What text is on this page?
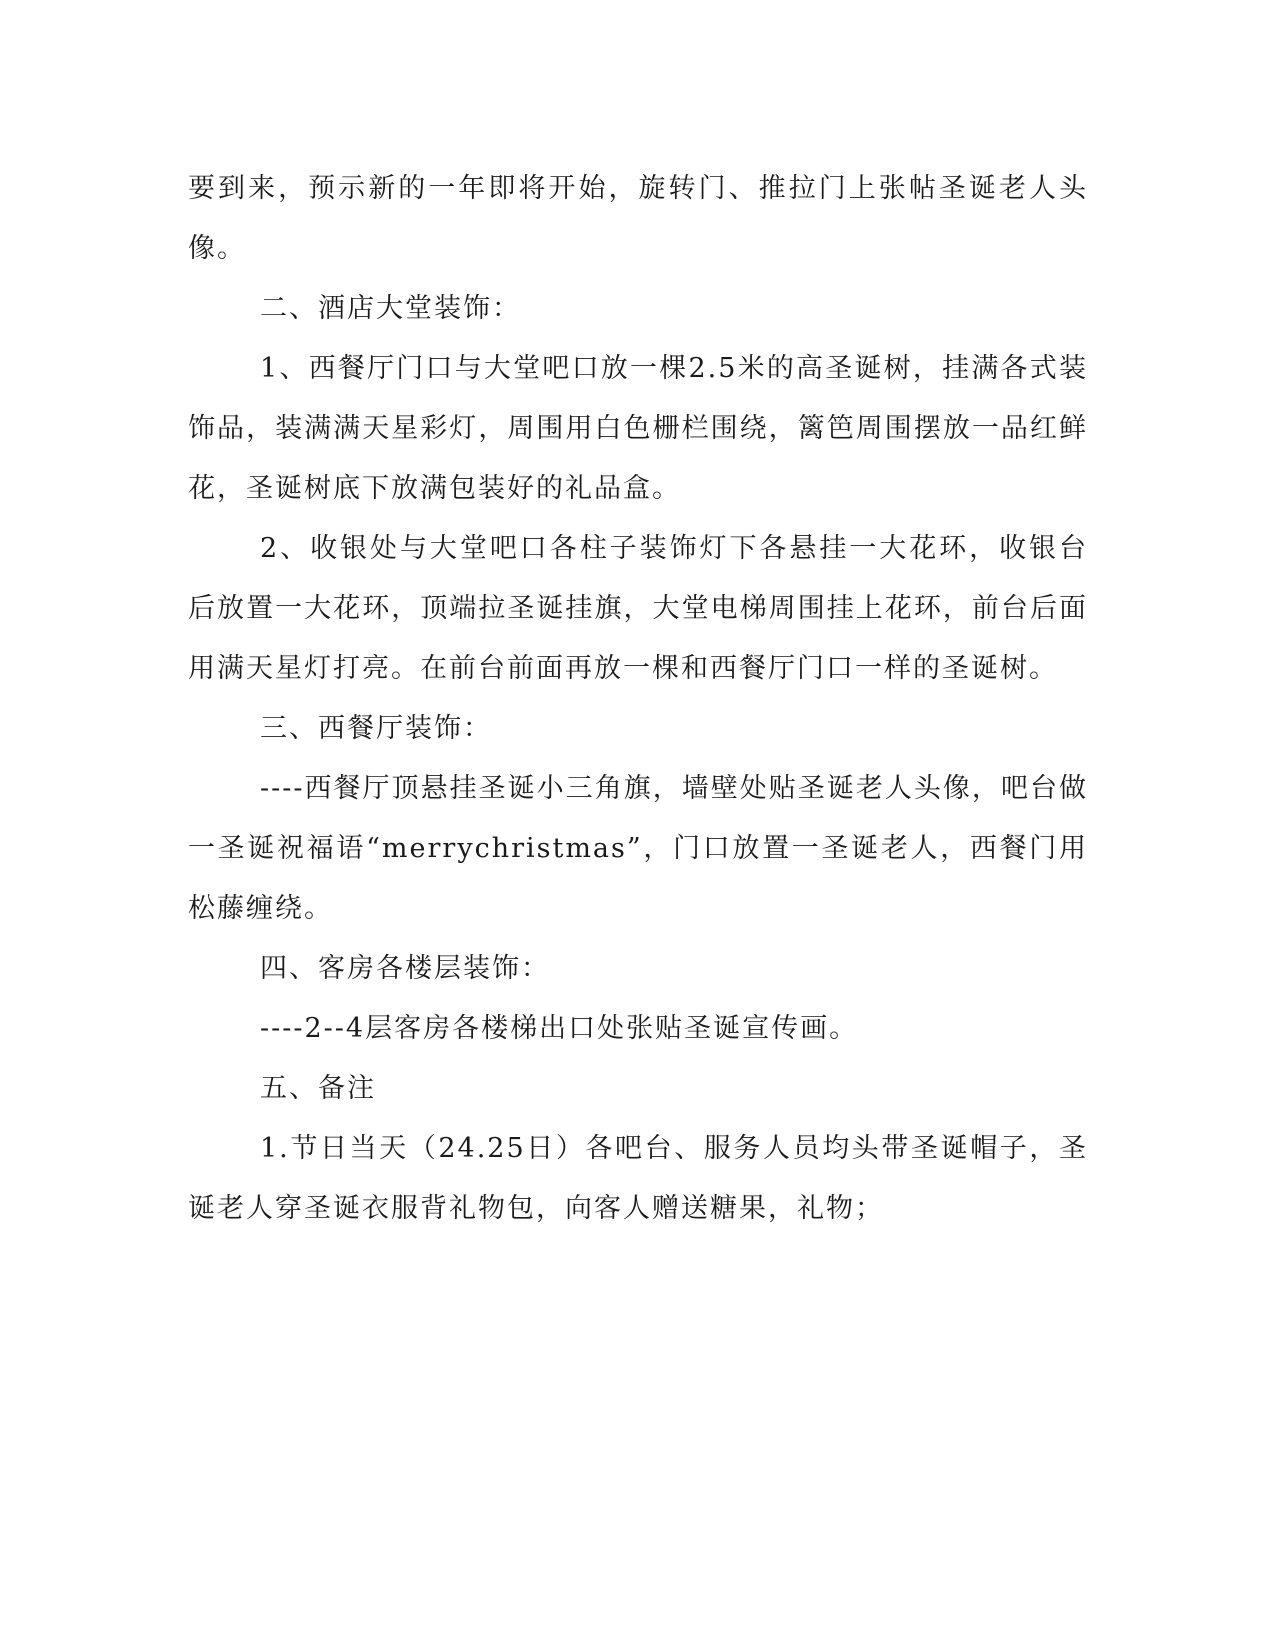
要到来，预示新的一年即将开始，旋转门、推拉门上张帖圣诞老人头像。

二、酒店大堂装饰：

1、西餐厅门口与大堂吧口放一棵2.5米的高圣诞树，挂满各式装饰品，装满满天星彩灯，周围用白色栅栏围绕，篱笆周围摆放一品红鲜花，圣诞树底下放满包装好的礼品盒。

2、收银处与大堂吧口各柱子装饰灯下各悬挂一大花环，收银台后放置一大花环，顶端拉圣诞挂旗，大堂电梯周围挂上花环，前台后面用满天星灯打亮。在前台前面再放一棵和西餐厅门口一样的圣诞树。

三、西餐厅装饰：

----西餐厅顶悬挂圣诞小三角旗，墙壁处贴圣诞老人头像，吧台做一圣诞祝福语“merrychristmas”，门口放置一圣诞老人，西餐门用松藤缠绕。

四、客房各楼层装饰：

----2--4层客房各楼梯出口处张贴圣诞宣传画。

五、备注

1.节日当天（24.25日）各吧台、服务人员均头带圣诞帽子，圣诞老人穿圣诞衣服背礼物包，向客人赠送糖果，礼物；
